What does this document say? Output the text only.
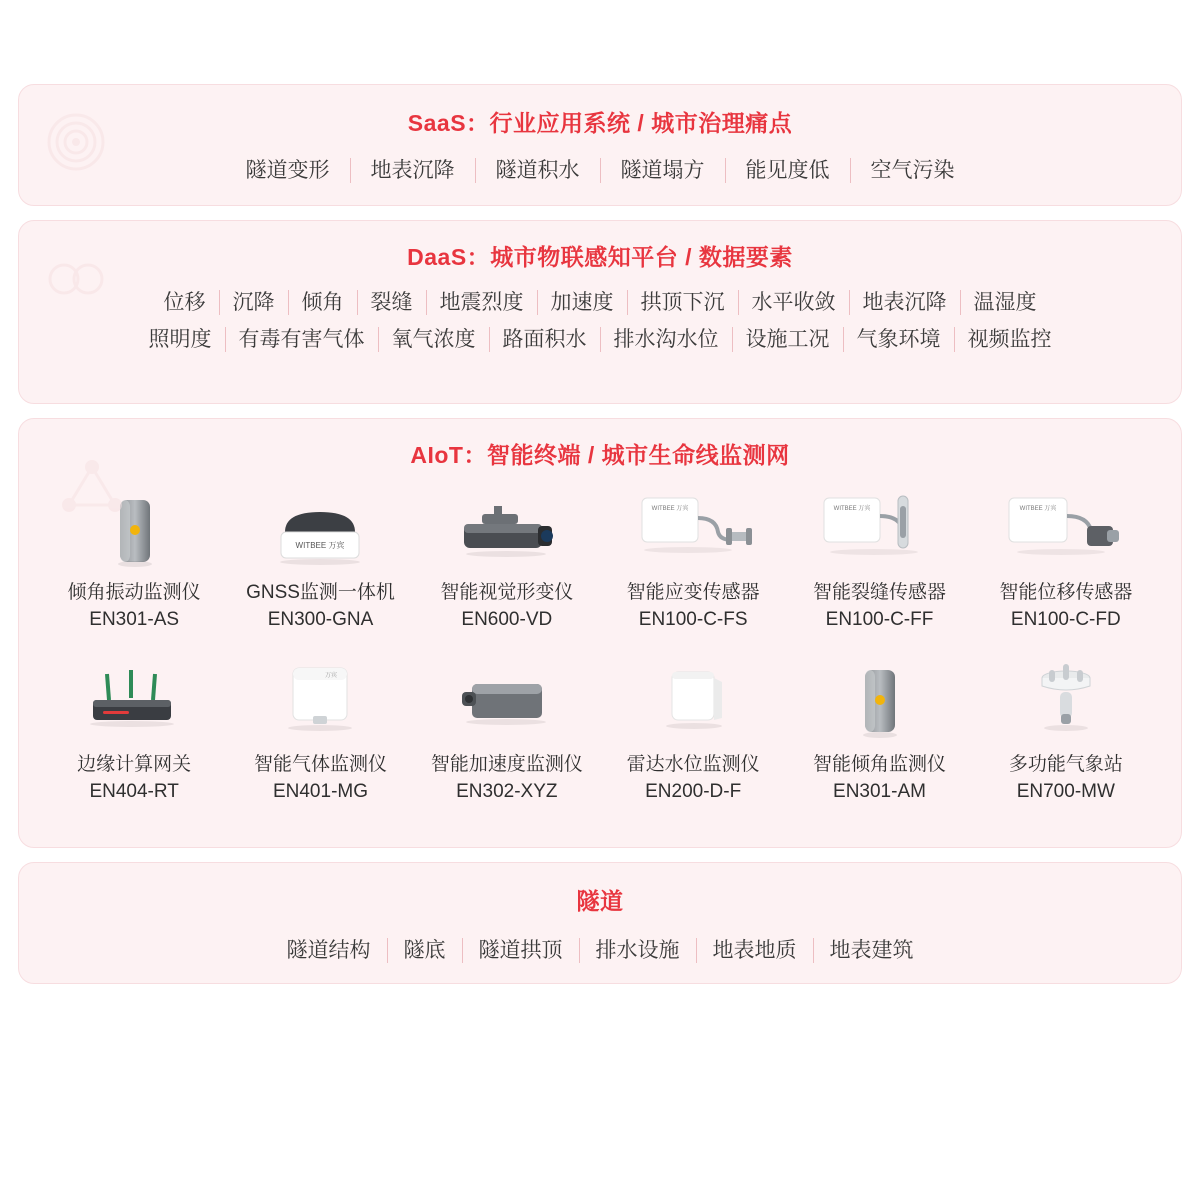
SaaS：行业应用系统 / 城市治理痛点
隧道变形	地表沉降	隧道积水	隧道塌方	能见度低	空气污染
DaaS：城市物联感知平台 / 数据要素
位移	沉降	倾角	裂缝	地震烈度	加速度	拱顶下沉	水平收敛	地表沉降	温湿度
照明度	有毒有害气体	氧气浓度	路面积水	排水沟水位	设施工况	气象环境	视频监控
AIoT：智能终端 / 城市生命线监测网
倾角振动监测仪
EN301-AS
WITBEE 万宾
GNSS监测一体机
EN300-GNA
智能视觉形变仪
EN600-VD
WITBEE 万宾
智能应变传感器
EN100-C-FS
WITBEE 万宾
智能裂缝传感器
EN100-C-FF
WITBEE 万宾
智能位移传感器
EN100-C-FD
边缘计算网关
EN404-RT
万宾
智能气体监测仪
EN401-MG
智能加速度监测仪
EN302-XYZ
雷达水位监测仪
EN200-D-F
智能倾角监测仪
EN301-AM
多功能气象站
EN700-MW
隧道
隧道结构	隧底	隧道拱顶	排水设施	地表地质	地表建筑
